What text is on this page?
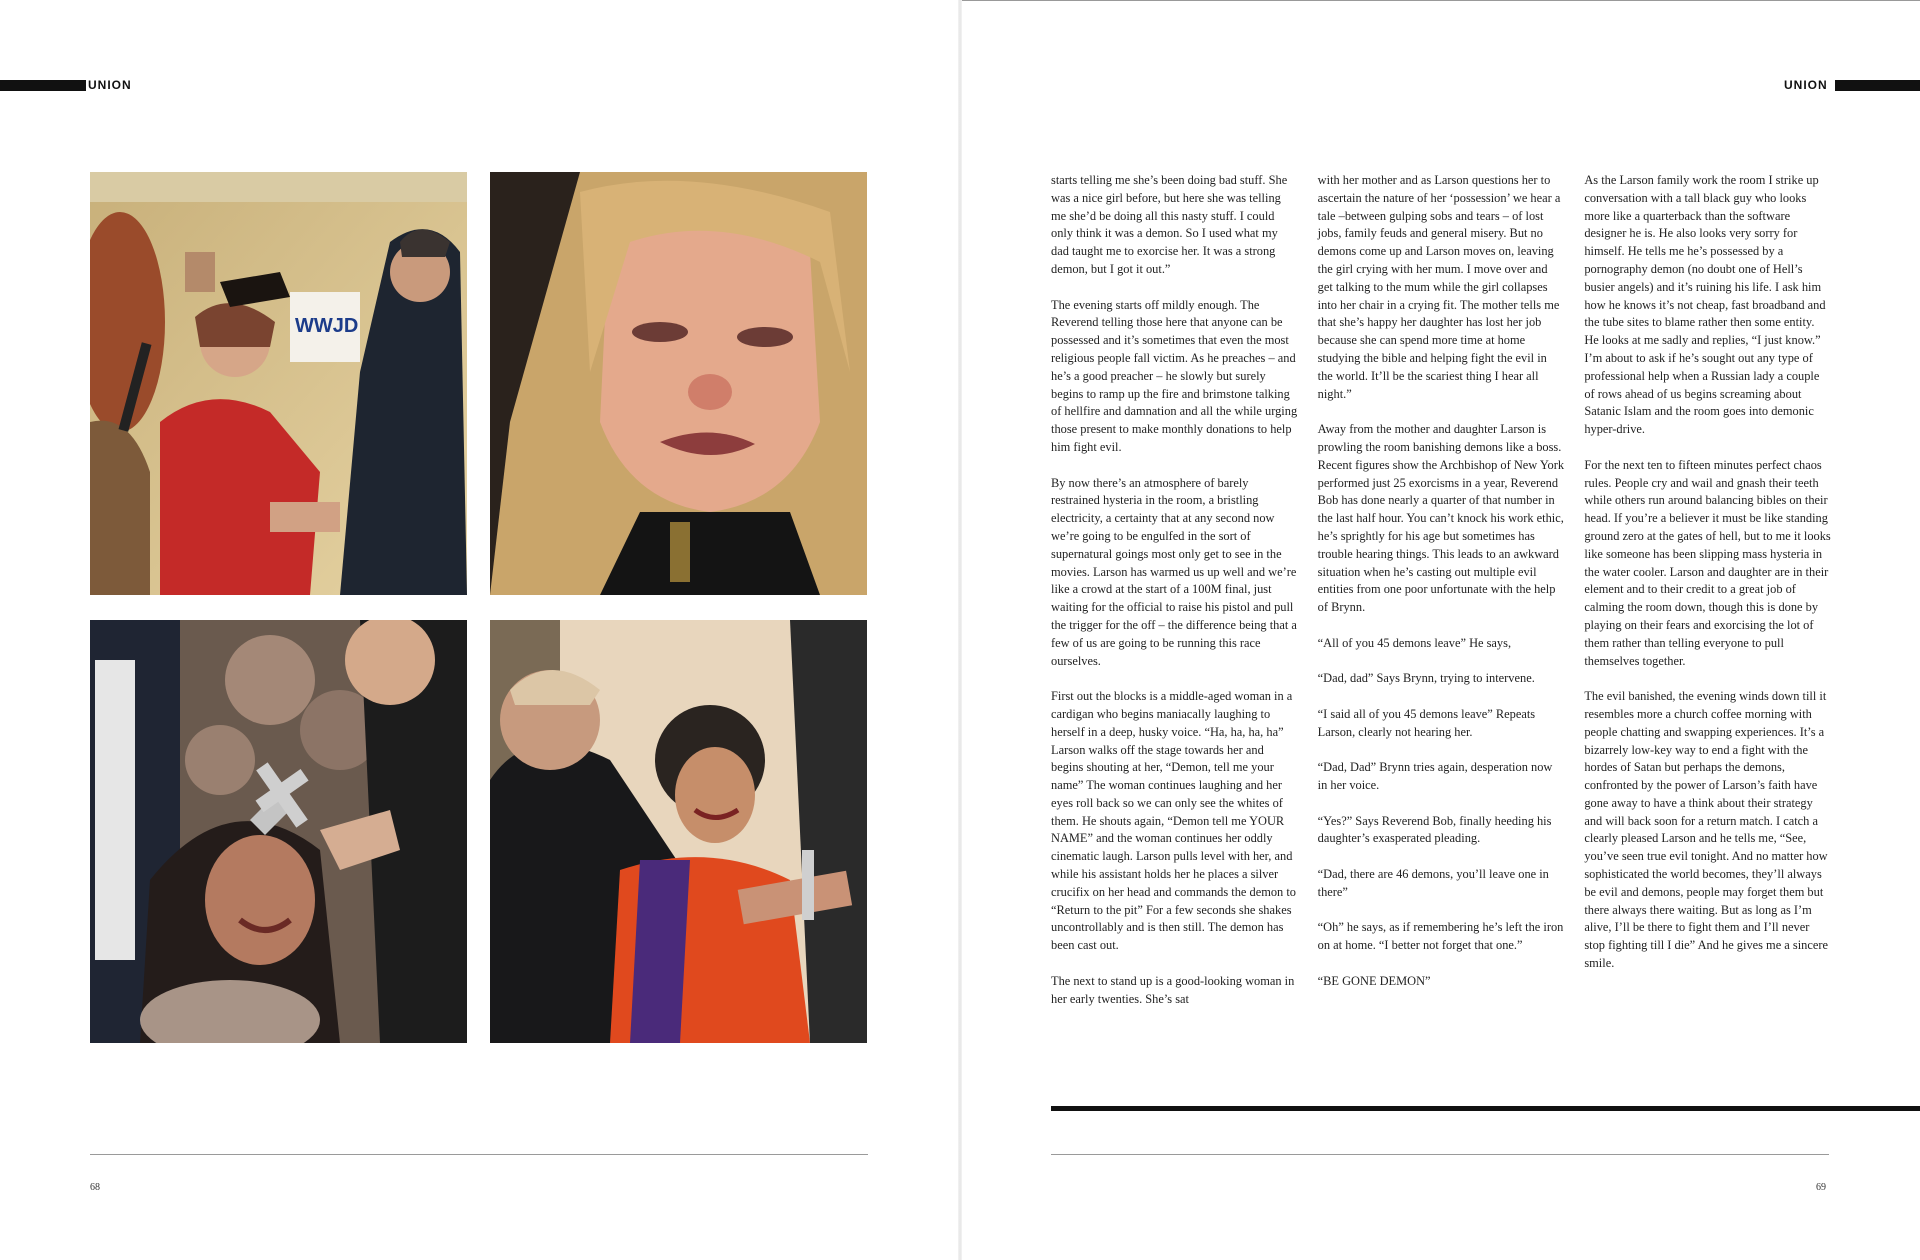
UNION
WWJD
68
UNION

starts telling me she’s been doing bad stuff. She was a nice girl before, but here she was telling me she’d be doing all this nasty stuff. I could only think it was a demon. So I used what my dad taught me to exorcise her. It was a strong demon, but I got it out.”

The evening starts off mildly enough. The Reverend telling those here that anyone can be possessed and it’s sometimes that even the most religious people fall victim. As he preaches – and he’s a good preacher – he slowly but surely begins to ramp up the fire and brimstone talking of hellfire and damnation and all the while urging those present to make monthly donations to help him fight evil.

By now there’s an atmosphere of barely restrained hysteria in the room, a bristling electricity, a certainty that at any second now we’re going to be engulfed in the sort of supernatural goings most only get to see in the movies. Larson has warmed us up well and we’re like a crowd at the start of a 100M final, just waiting for the official to raise his pistol and pull the trigger for the off – the difference being that a few of us are going to be running this race ourselves.

First out the blocks is a middle-aged woman in a cardigan who begins maniacally laughing to herself in a deep, husky voice. “Ha, ha, ha, ha” Larson walks off the stage towards her and begins shouting at her, “Demon, tell me your name” The woman continues laughing and her eyes roll back so we can only see the whites of them. He shouts again, “Demon tell me YOUR NAME” and the woman continues her oddly cinematic laugh. Larson pulls level with her, and while his assistant holds her he places a silver crucifix on her head and commands the demon to “Return to the pit” For a few seconds she shakes uncontrollably and is then still. The demon has been cast out.

The next to stand up is a good-looking woman in her early twenties. She’s sat

with her mother and as Larson questions her to ascertain the nature of her ‘possession’ we hear a tale –between gulping sobs and tears – of lost jobs, family feuds and general misery. But no demons come up and Larson moves on, leaving the girl crying with her mum. I move over and get talking to the mum while the girl collapses into her chair in a crying fit. The mother tells me that she’s happy her daughter has lost her job because she can spend more time at home studying the bible and helping fight the evil in the world. It’ll be the scariest thing I hear all night.”

Away from the mother and daughter Larson is prowling the room banishing demons like a boss. Recent figures show the Archbishop of New York performed just 25 exorcisms in a year, Reverend Bob has done nearly a quarter of that number in the last half hour. You can’t knock his work ethic, he’s sprightly for his age but sometimes has trouble hearing things. This leads to an awkward situation when he’s casting out multiple evil entities from one poor unfortunate with the help of Brynn.

“All of you 45 demons leave” He says,

“Dad, dad” Says Brynn, trying to intervene.

“I said all of you 45 demons leave” Repeats Larson, clearly not hearing her.

“Dad, Dad” Brynn tries again, desperation now in her voice.

“Yes?” Says Reverend Bob, finally heeding his daughter’s exasperated pleading.

“Dad, there are 46 demons, you’ll leave one in there”

“Oh” he says, as if remembering he’s left the iron on at home. “I better not forget that one.”

“BE GONE DEMON”

As the Larson family work the room I strike up conversation with a tall black guy who looks more like a quarterback than the software designer he is. He also looks very sorry for himself. He tells me he’s possessed by a pornography demon (no doubt one of Hell’s busier angels) and it’s ruining his life. I ask him how he knows it’s not cheap, fast broadband and the tube sites to blame rather then some entity. He looks at me sadly and replies, “I just know.” I’m about to ask if he’s sought out any type of professional help when a Russian lady a couple of rows ahead of us begins screaming about Satanic Islam and the room goes into demonic hyper-drive.

For the next ten to fifteen minutes perfect chaos rules. People cry and wail and gnash their teeth while others run around balancing bibles on their head. If you’re a believer it must be like standing ground zero at the gates of hell, but to me it looks like someone has been slipping mass hysteria in the water cooler. Larson and daughter are in their element and to their credit to a great job of calming the room down, though this is done by playing on their fears and exorcising the lot of them rather than telling everyone to pull themselves together.

The evil banished, the evening winds down till it resembles more a church coffee morning with people chatting and swapping experiences. It’s a bizarrely low-key way to end a fight with the hordes of Satan but perhaps the demons, confronted by the power of Larson’s faith have gone away to have a think about their strategy and will back soon for a return match. I catch a clearly pleased Larson and he tells me, “See, you’ve seen true evil tonight. And no matter how sophisticated the world becomes, they’ll always be evil and demons, people may forget them but there always there waiting. But as long as I’m alive, I’ll be there to fight them and I’ll never stop fighting till I die” And he gives me a sincere smile.

69
